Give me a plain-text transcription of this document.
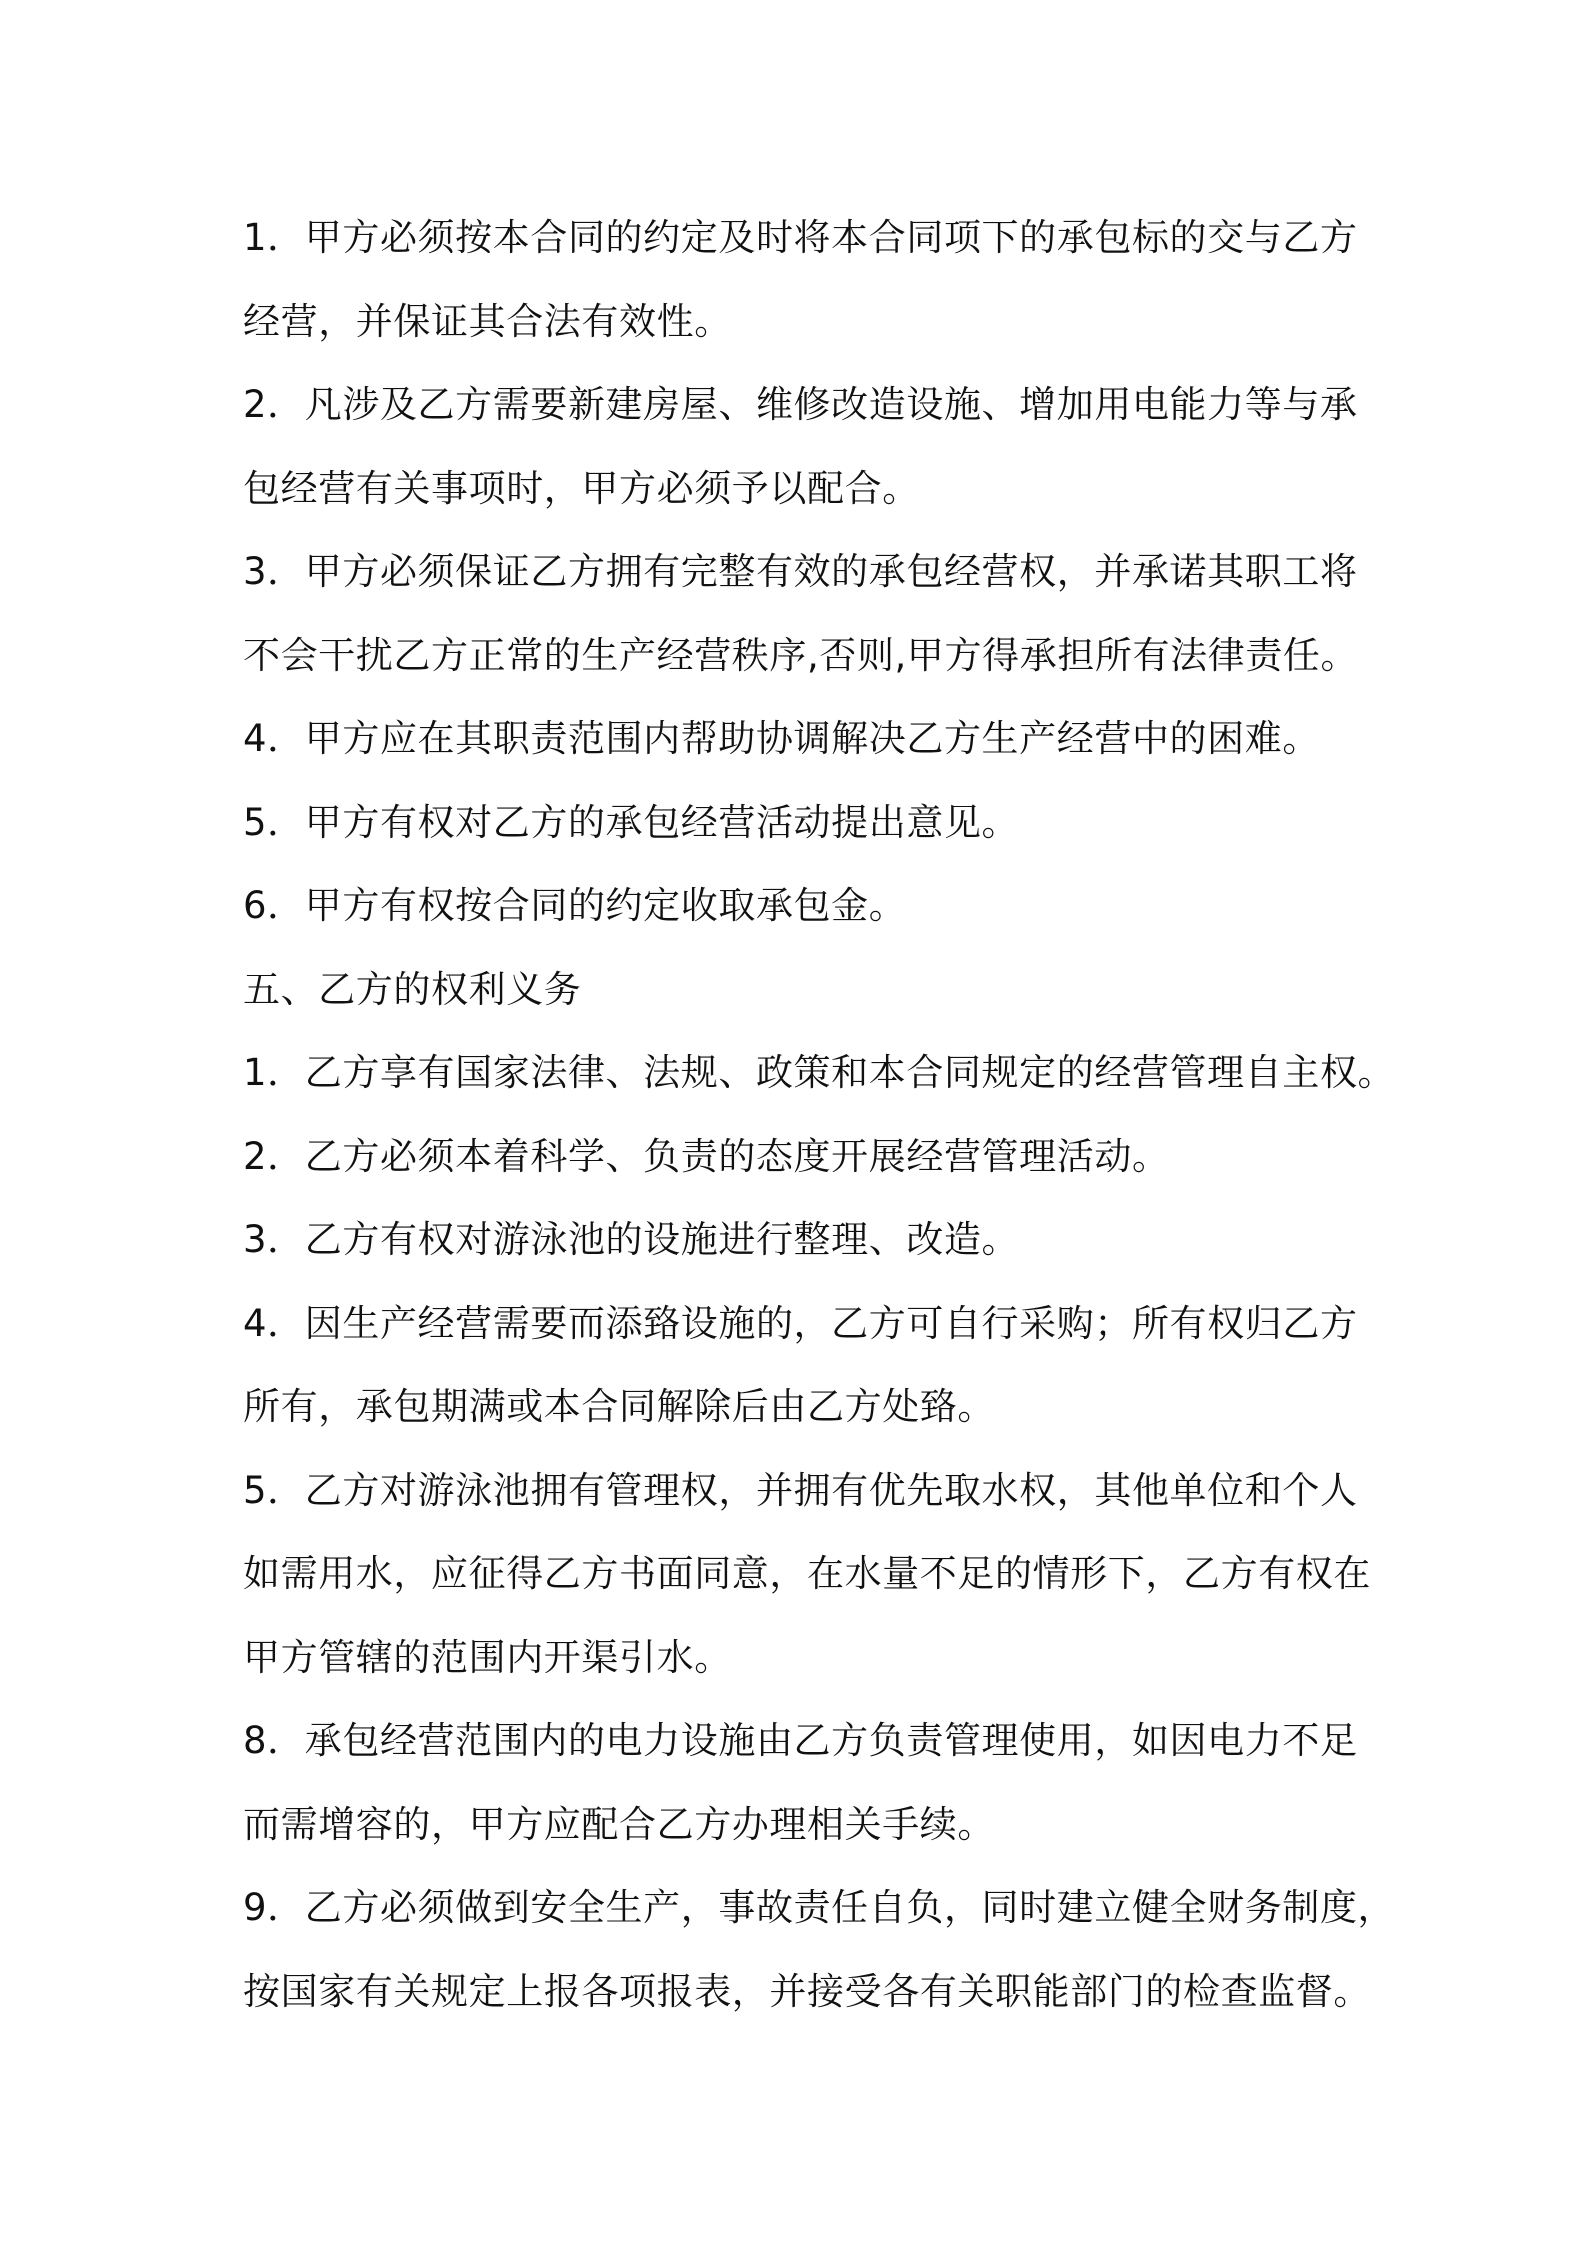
1．甲方必须按本合同的约定及时将本合同项下的承包标的交与乙方

经营，并保证其合法有效性。

2．凡涉及乙方需要新建房屋、维修改造设施、增加用电能力等与承

包经营有关事项时，甲方必须予以配合。

3．甲方必须保证乙方拥有完整有效的承包经营权，并承诺其职工将

不会干扰乙方正常的生产经营秩序,否则,甲方得承担所有法律责任。

4．甲方应在其职责范围内帮助协调解决乙方生产经营中的困难。

5．甲方有权对乙方的承包经营活动提出意见。

6．甲方有权按合同的约定收取承包金。

五、乙方的权利义务

1．乙方享有国家法律、法规、政策和本合同规定的经营管理自主权。

2．乙方必须本着科学、负责的态度开展经营管理活动。

3．乙方有权对游泳池的设施进行整理、改造。

4．因生产经营需要而添臵设施的，乙方可自行采购；所有权归乙方

所有，承包期满或本合同解除后由乙方处臵。

5．乙方对游泳池拥有管理权，并拥有优先取水权，其他单位和个人

如需用水，应征得乙方书面同意，在水量不足的情形下，乙方有权在

甲方管辖的范围内开渠引水。

8．承包经营范围内的电力设施由乙方负责管理使用，如因电力不足

而需增容的，甲方应配合乙方办理相关手续。

9．乙方必须做到安全生产，事故责任自负，同时建立健全财务制度，

按国家有关规定上报各项报表，并接受各有关职能部门的检查监督。
